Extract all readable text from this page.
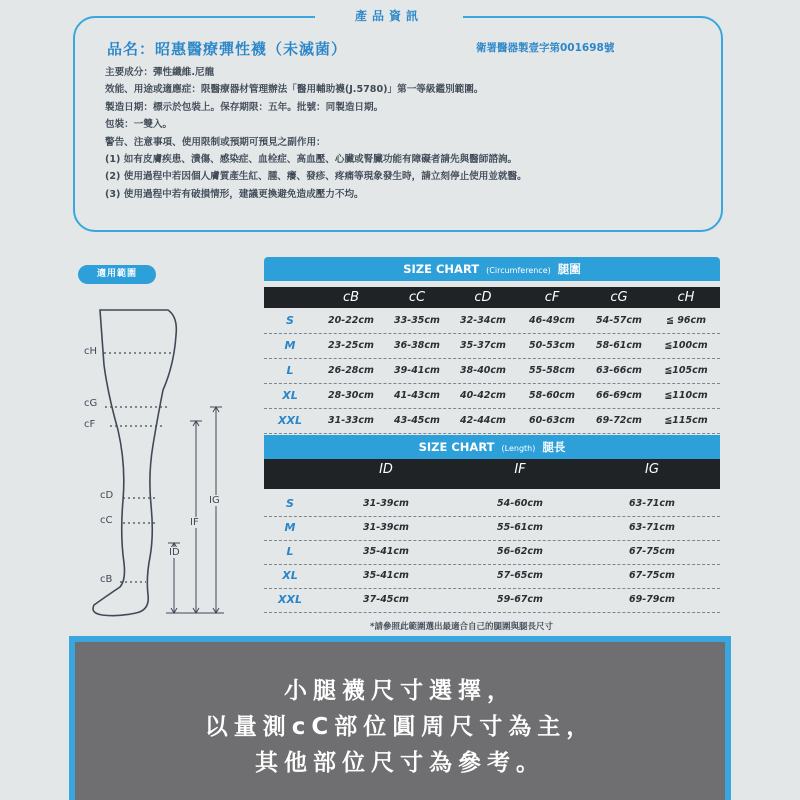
產品資訊
品名：昭惠醫療彈性襪（未滅菌）	衛署醫器製壹字第001698號
主要成分：彈性纖維.尼龍
效能、用途或適應症：限醫療器材管理辦法「醫用輔助襪(J.5780)」第一等級鑑別範圍。
製造日期：標示於包裝上。保存期限：五年。批號：同製造日期。
包裝：一雙入。
警告、注意事項、使用限制或預期可預見之副作用：
(1) 如有皮膚疾患、潰傷、感染症、血栓症、高血壓、心臟或腎臟功能有障礙者請先與醫師諮詢。
(2) 使用過程中若因個人膚質產生紅、腫、癢、發疹、疼痛等現象發生時，請立刻停止使用並就醫。
(3) 使用過程中若有破損情形，建議更換避免造成壓力不均。
適用範圍
cH
cG
cF
cD
cC
cB
IG
IF
ID
SIZE CHART (Circumference) 腿圍
cB	cC	cD	cF	cG	cH
S	20-22cm	33-35cm	32-34cm	46-49cm	54-57cm	≦ 96cm
M	23-25cm	36-38cm	35-37cm	50-53cm	58-61cm	≦100cm
L	26-28cm	39-41cm	38-40cm	55-58cm	63-66cm	≦105cm
XL	28-30cm	41-43cm	40-42cm	58-60cm	66-69cm	≦110cm
XXL	31-33cm	43-45cm	42-44cm	60-63cm	69-72cm	≦115cm
SIZE CHART (Length) 腿長
ID	IF	IG
S	31-39cm	54-60cm	63-71cm
M	31-39cm	55-61cm	63-71cm
L	35-41cm	56-62cm	67-75cm
XL	35-41cm	57-65cm	67-75cm
XXL	37-45cm	59-67cm	69-79cm
*請參照此範圍選出最適合自己的腿圍與腿長尺寸
小腿襪尺寸選擇，
以量測cC部位圓周尺寸為主，
其他部位尺寸為參考。
